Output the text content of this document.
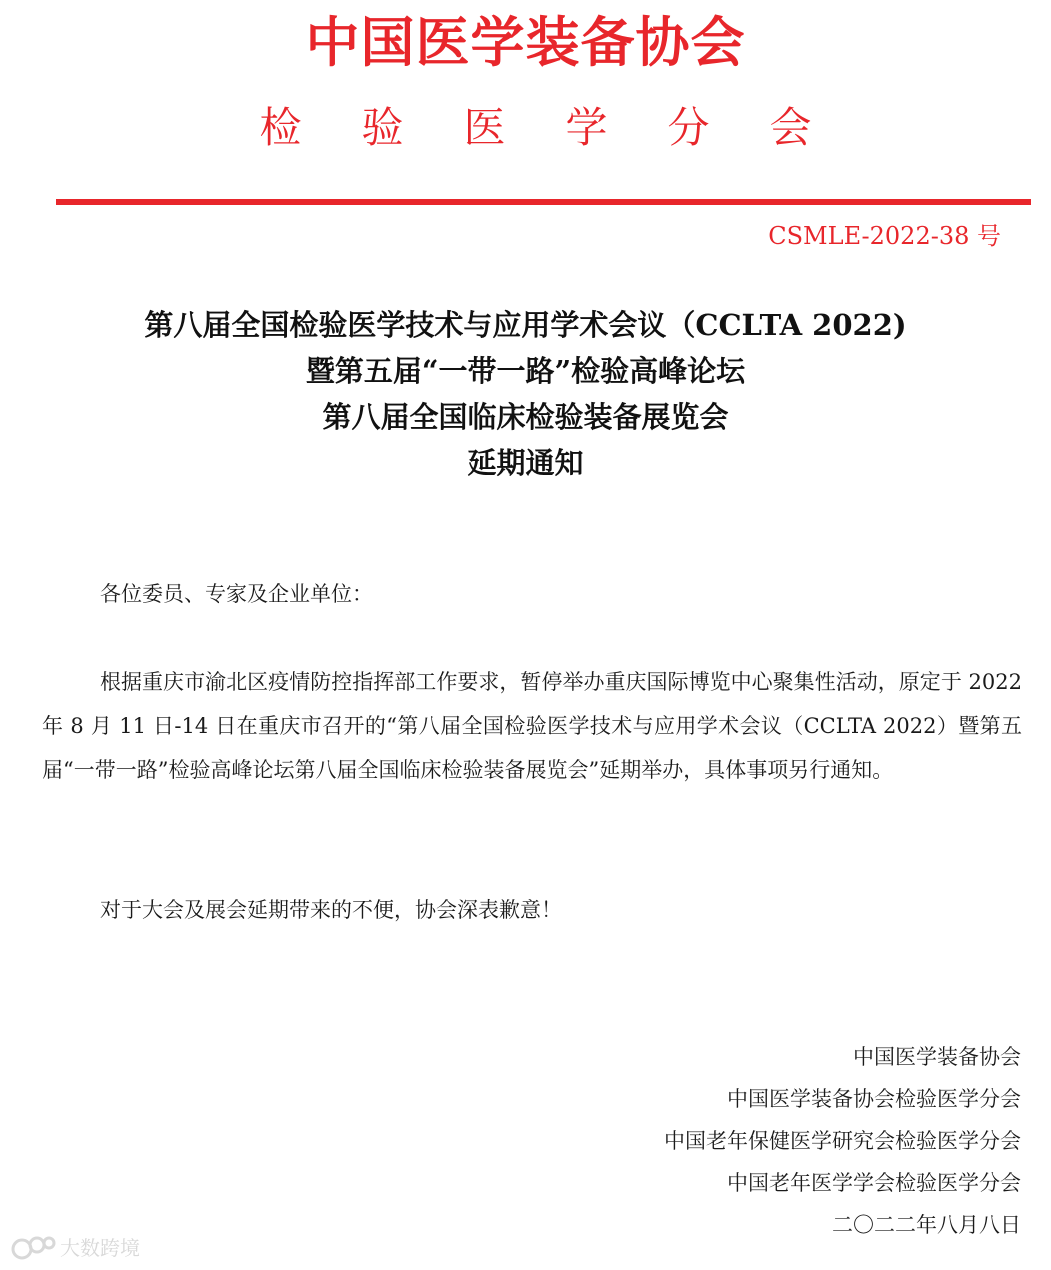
中国医学装备协会
检 验 医 学 分 会
CSMLE-2022-38 号
第八届全国检验医学技术与应用学术会议（CCLTA 2022)
暨第五届“一带一路”检验高峰论坛
第八届全国临床检验装备展览会
延期通知
各位委员、专家及企业单位：
根据重庆市渝北区疫情防控指挥部工作要求，暂停举办重庆国际博览中心聚集性活动，原定于 2022 年 8 月 11 日-14 日在重庆市召开的“第八届全国检验医学技术与应用学术会议（CCLTA 2022）暨第五届“一带一路”检验高峰论坛第八届全国临床检验装备展览会”延期举办，具体事项另行通知。
对于大会及展会延期带来的不便，协会深表歉意！
中国医学装备协会
中国医学装备协会检验医学分会
中国老年保健医学研究会检验医学分会
中国老年医学学会检验医学分会
二〇二二年八月八日
大数跨境
